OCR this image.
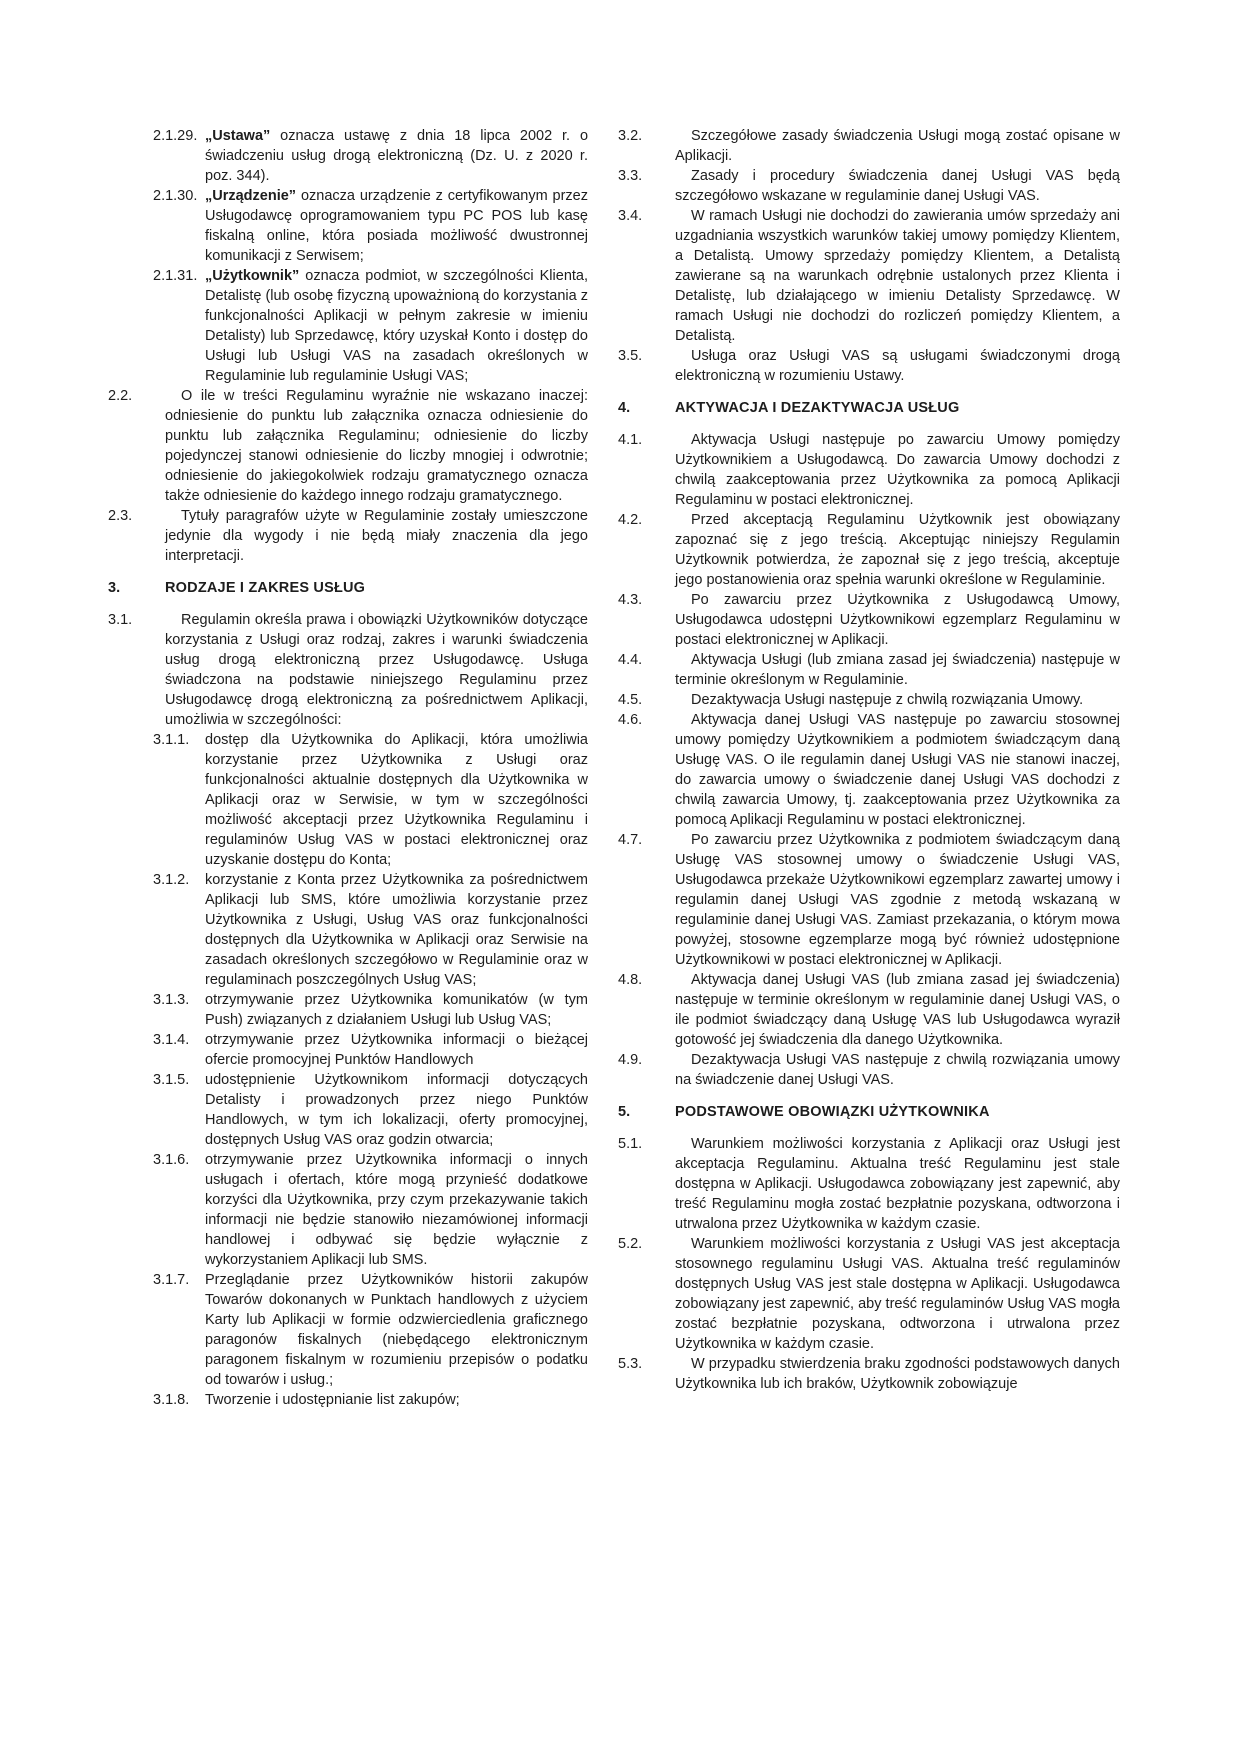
2.1.29. „Ustawa” oznacza ustawę z dnia 18 lipca 2002 r. o świadczeniu usług drogą elektroniczną (Dz. U. z 2020 r. poz. 344).
2.1.30. „Urządzenie” oznacza urządzenie z certyfikowanym przez Usługodawcę oprogramowaniem typu PC POS lub kasę fiskalną online, która posiada możliwość dwustronnej komunikacji z Serwisem;
2.1.31. „Użytkownik” oznacza podmiot, w szczególności Klienta, Detalistę (lub osobę fizyczną upoważnioną do korzystania z funkcjonalności Aplikacji w pełnym zakresie w imieniu Detalisty) lub Sprzedawcę, który uzyskał Konto i dostęp do Usługi lub Usługi VAS na zasadach określonych w Regulaminie lub regulaminie Usługi VAS;
2.2.	O ile w treści Regulaminu wyraźnie nie wskazano inaczej: odniesienie do punktu lub załącznika oznacza odniesienie do punktu lub załącznika Regulaminu; odniesienie do liczby pojedynczej stanowi odniesienie do liczby mnogiej i odwrotnie; odniesienie do jakiegokolwiek rodzaju gramatycznego oznacza także odniesienie do każdego innego rodzaju gramatycznego.
2.3.	Tytuły paragrafów użyte w Regulaminie zostały umieszczone jedynie dla wygody i nie będą miały znaczenia dla jego interpretacji.
3.	RODZAJE I ZAKRES USŁUG
3.1.	Regulamin określa prawa i obowiązki Użytkowników dotyczące korzystania z Usługi oraz rodzaj, zakres i warunki świadczenia usług drogą elektroniczną przez Usługodawcę. Usługa świadczona na podstawie niniejszego Regulaminu przez Usługodawcę drogą elektroniczną za pośrednictwem Aplikacji, umożliwia w szczególności:
3.1.1.	dostęp dla Użytkownika do Aplikacji, która umożliwia korzystanie przez Użytkownika z Usługi oraz funkcjonalności aktualnie dostępnych dla Użytkownika w Aplikacji oraz w Serwisie, w tym w szczególności możliwość akceptacji przez Użytkownika Regulaminu i regulaminów Usług VAS w postaci elektronicznej oraz uzyskanie dostępu do Konta;
3.1.2.	korzystanie z Konta przez Użytkownika za pośrednictwem Aplikacji lub SMS, które umożliwia korzystanie przez Użytkownika z Usługi, Usług VAS oraz funkcjonalności dostępnych dla Użytkownika w Aplikacji oraz Serwisie na zasadach określonych szczegółowo w Regulaminie oraz w regulaminach poszczególnych Usług VAS;
3.1.3.	otrzymywanie przez Użytkownika komunikatów (w tym Push) związanych z działaniem Usługi lub Usług VAS;
3.1.4.	otrzymywanie przez Użytkownika informacji o bieżącej ofercie promocyjnej Punktów Handlowych
3.1.5.	udostępnienie Użytkownikom informacji dotyczących Detalisty i prowadzonych przez niego Punktów Handlowych, w tym ich lokalizacji, oferty promocyjnej, dostępnych Usług VAS oraz godzin otwarcia;
3.1.6.	otrzymywanie przez Użytkownika informacji o innych usługach i ofertach, które mogą przynieść dodatkowe korzyści dla Użytkownika, przy czym przekazywanie takich informacji nie będzie stanowiło niezamówionej informacji handlowej i odbywać się będzie wyłącznie z wykorzystaniem Aplikacji lub SMS.
3.1.7.	Przeglądanie przez Użytkowników historii zakupów Towarów dokonanych w Punktach handlowych z użyciem Karty lub Aplikacji w formie odzwierciedlenia graficznego paragonów fiskalnych (niebędącego elektronicznym paragonem fiskalnym w rozumieniu przepisów o podatku od towarów i usług.;
3.1.8.	Tworzenie i udostępnianie list zakupów;
3.2.	Szczegółowe zasady świadczenia Usługi mogą zostać opisane w Aplikacji.
3.3.	Zasady i procedury świadczenia danej Usługi VAS będą szczegółowo wskazane w regulaminie danej Usługi VAS.
3.4.	W ramach Usługi nie dochodzi do zawierania umów sprzedaży ani uzgadniania wszystkich warunków takiej umowy pomiędzy Klientem, a Detalistą. Umowy sprzedaży pomiędzy Klientem, a Detalistą zawierane są na warunkach odrębnie ustalonych przez Klienta i Detalistę, lub działającego w imieniu Detalisty Sprzedawcę. W ramach Usługi nie dochodzi do rozliczeń pomiędzy Klientem, a Detalistą.
3.5.	Usługa oraz Usługi VAS są usługami świadczonymi drogą elektroniczną w rozumieniu Ustawy.
4.	AKTYWACJA I DEZAKTYWACJA USŁUG
4.1.	Aktywacja Usługi następuje po zawarciu Umowy pomiędzy Użytkownikiem a Usługodawcą. Do zawarcia Umowy dochodzi z chwilą zaakceptowania przez Użytkownika za pomocą Aplikacji Regulaminu w postaci elektronicznej.
4.2.	Przed akceptacją Regulaminu Użytkownik jest obowiązany zapoznać się z jego treścią. Akceptując niniejszy Regulamin Użytkownik potwierdza, że zapoznał się z jego treścią, akceptuje jego postanowienia oraz spełnia warunki określone w Regulaminie.
4.3.	Po zawarciu przez Użytkownika z Usługodawcą Umowy, Usługodawca udostępni Użytkownikowi egzemplarz Regulaminu w postaci elektronicznej w Aplikacji.
4.4.	Aktywacja Usługi (lub zmiana zasad jej świadczenia) następuje w terminie określonym w Regulaminie.
4.5.	Dezaktywacja Usługi następuje z chwilą rozwiązania Umowy.
4.6.	Aktywacja danej Usługi VAS następuje po zawarciu stosownej umowy pomiędzy Użytkownikiem a podmiotem świadczącym daną Usługę VAS. O ile regulamin danej Usługi VAS nie stanowi inaczej, do zawarcia umowy o świadczenie danej Usługi VAS dochodzi z chwilą zawarcia Umowy, tj. zaakceptowania przez Użytkownika za pomocą Aplikacji Regulaminu w postaci elektronicznej.
4.7.	Po zawarciu przez Użytkownika z podmiotem świadczącym daną Usługę VAS stosownej umowy o świadczenie Usługi VAS, Usługodawca przekaże Użytkownikowi egzemplarz zawartej umowy i regulamin danej Usługi VAS zgodnie z metodą wskazaną w regulaminie danej Usługi VAS. Zamiast przekazania, o którym mowa powyżej, stosowne egzemplarze mogą być również udostępnione Użytkownikowi w postaci elektronicznej w Aplikacji.
4.8.	Aktywacja danej Usługi VAS (lub zmiana zasad jej świadczenia) następuje w terminie określonym w regulaminie danej Usługi VAS, o ile podmiot świadczący daną Usługę VAS lub Usługodawca wyraził gotowość jej świadczenia dla danego Użytkownika.
4.9.	Dezaktywacja Usługi VAS następuje z chwilą rozwiązania umowy na świadczenie danej Usługi VAS.
5.	PODSTAWOWE OBOWIĄZKI UŻYTKOWNIKA
5.1.	Warunkiem możliwości korzystania z Aplikacji oraz Usługi jest akceptacja Regulaminu. Aktualna treść Regulaminu jest stale dostępna w Aplikacji. Usługodawca zobowiązany jest zapewnić, aby treść Regulaminu mogła zostać bezpłatnie pozyskana, odtworzona i utrwalona przez Użytkownika w każdym czasie.
5.2.	Warunkiem możliwości korzystania z Usługi VAS jest akceptacja stosownego regulaminu Usługi VAS. Aktualna treść regulaminów dostępnych Usług VAS jest stale dostępna w Aplikacji. Usługodawca zobowiązany jest zapewnić, aby treść regulaminów Usług VAS mogła zostać bezpłatnie pozyskana, odtworzona i utrwalona przez Użytkownika w każdym czasie.
5.3.	W przypadku stwierdzenia braku zgodności podstawowych danych Użytkownika lub ich braków, Użytkownik zobowiązuje
